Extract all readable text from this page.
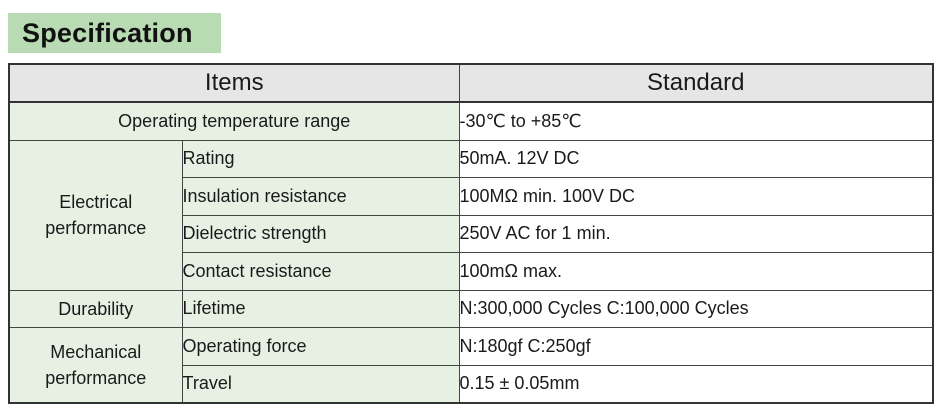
Specification
Items		Standard
Operating temperature range		-30℃ to +85℃
Electrical
performance	Rating	50mA. 12V DC
	Insulation resistance	100MΩ min. 100V DC
	Dielectric strength	250V AC for 1 min.
	Contact resistance	100mΩ max.
Durability	Lifetime	N:300,000 Cycles C:100,000 Cycles
Mechanical
performance	Operating force	N:180gf C:250gf
	Travel	0.15 ± 0.05mm
